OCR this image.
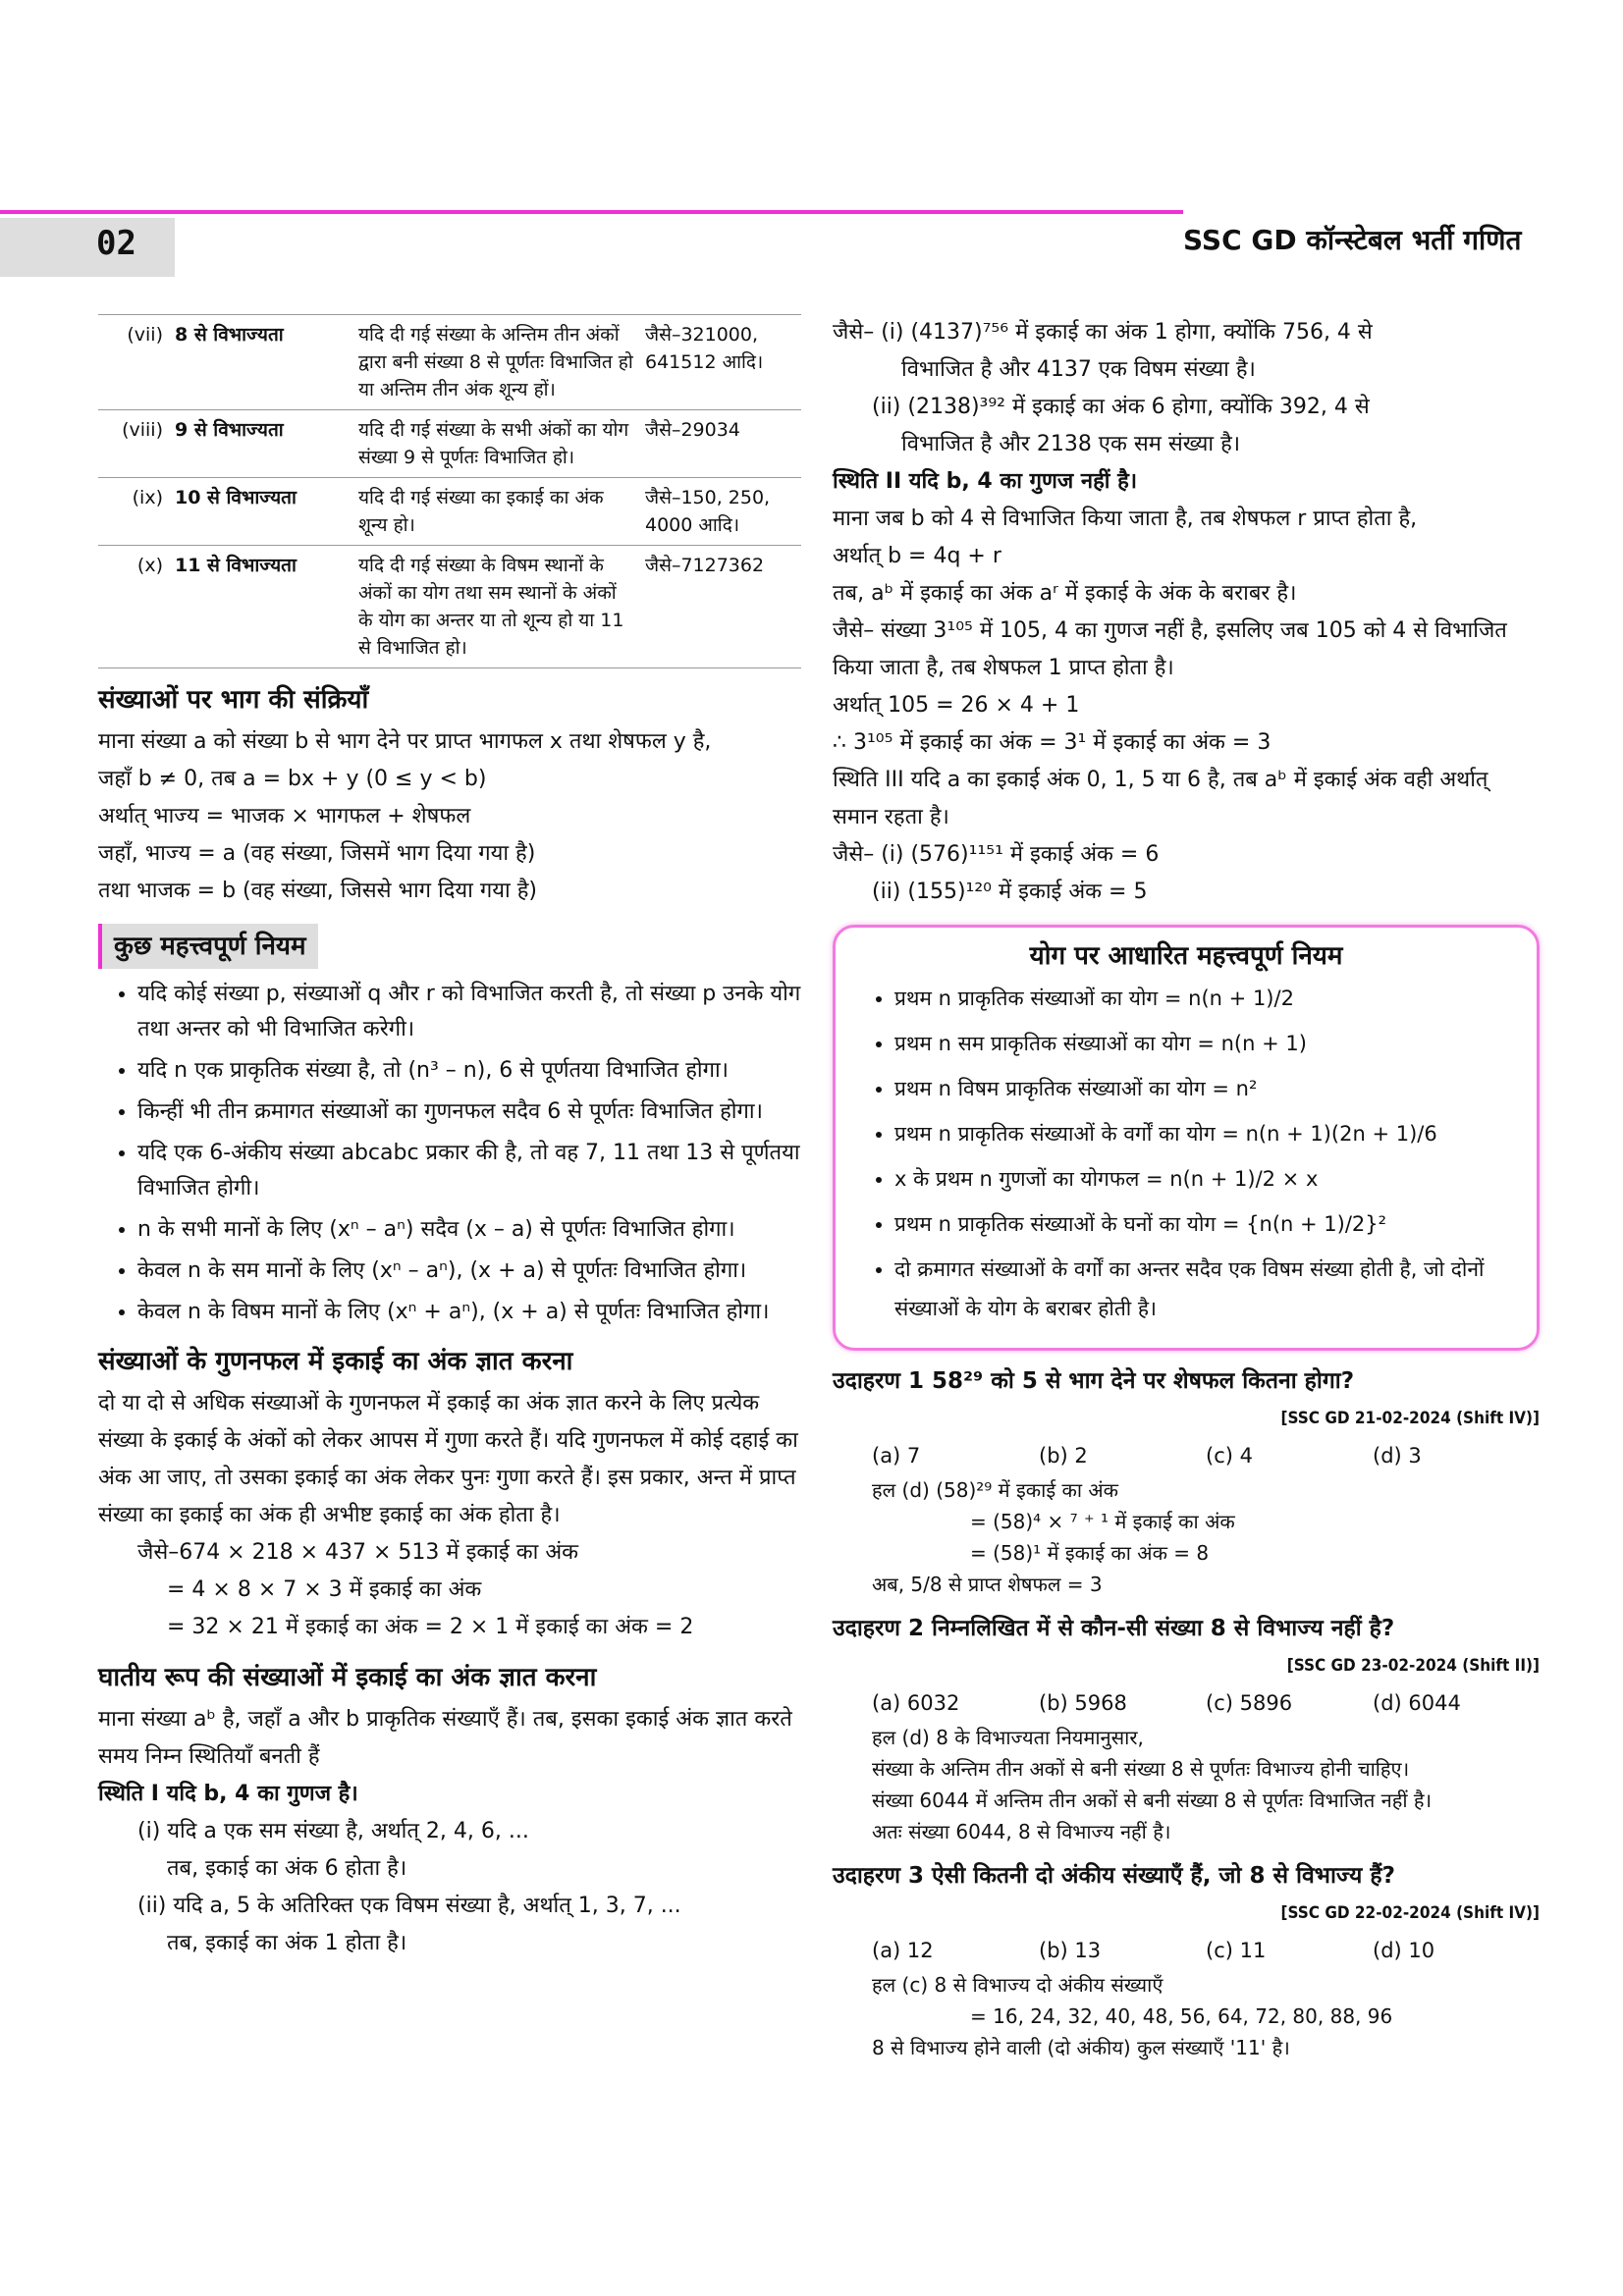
02	SSC GD कॉन्स्टेबल भर्ती गणित
(vii)	8 से विभाज्यता	यदि दी गई संख्या के अन्तिम तीन अंकों द्वारा बनी संख्या 8 से पूर्णतः विभाजित हो या अन्तिम तीन अंक शून्य हों।	जैसे–321000, 641512 आदि।
(viii)	9 से विभाज्यता	यदि दी गई संख्या के सभी अंकों का योग संख्या 9 से पूर्णतः विभाजित हो।	जैसे–29034
(ix)	10 से विभाज्यता	यदि दी गई संख्या का इकाई का अंक शून्य हो।	जैसे–150, 250, 4000 आदि।
(x)	11 से विभाज्यता	यदि दी गई संख्या के विषम स्थानों के अंकों का योग तथा सम स्थानों के अंकों के योग का अन्तर या तो शून्य हो या 11 से विभाजित हो।	जैसे–7127362
संख्याओं पर भाग की संक्रियाँ
माना संख्या a को संख्या b से भाग देने पर प्राप्त भागफल x तथा शेषफल y है,
जहाँ b ≠ 0, तब a = bx + y (0 ≤ y < b)
अर्थात् भाज्य = भाजक × भागफल + शेषफल
जहाँ, भाज्य = a (वह संख्या, जिसमें भाग दिया गया है)
तथा भाजक = b (वह संख्या, जिससे भाग दिया गया है)
कुछ महत्त्वपूर्ण नियम
• यदि कोई संख्या p, संख्याओं q और r को विभाजित करती है, तो संख्या p उनके योग तथा अन्तर को भी विभाजित करेगी।
• यदि n एक प्राकृतिक संख्या है, तो (n³ – n), 6 से पूर्णतया विभाजित होगा।
• किन्हीं भी तीन क्रमागत संख्याओं का गुणनफल सदैव 6 से पूर्णतः विभाजित होगा।
• यदि एक 6-अंकीय संख्या abcabc प्रकार की है, तो वह 7, 11 तथा 13 से पूर्णतया विभाजित होगी।
• n के सभी मानों के लिए (xⁿ – aⁿ) सदैव (x – a) से पूर्णतः विभाजित होगा।
• केवल n के सम मानों के लिए (xⁿ – aⁿ), (x + a) से पूर्णतः विभाजित होगा।
• केवल n के विषम मानों के लिए (xⁿ + aⁿ), (x + a) से पूर्णतः विभाजित होगा।
संख्याओं के गुणनफल में इकाई का अंक ज्ञात करना
दो या दो से अधिक संख्याओं के गुणनफल में इकाई का अंक ज्ञात करने के लिए प्रत्येक संख्या के इकाई के अंकों को लेकर आपस में गुणा करते हैं। यदि गुणनफल में कोई दहाई का अंक आ जाए, तो उसका इकाई का अंक लेकर पुनः गुणा करते हैं। इस प्रकार, अन्त में प्राप्त संख्या का इकाई का अंक ही अभीष्ट इकाई का अंक होता है।
जैसे–674 × 218 × 437 × 513 में इकाई का अंक
= 4 × 8 × 7 × 3 में इकाई का अंक
= 32 × 21 में इकाई का अंक = 2 × 1 में इकाई का अंक = 2
घातीय रूप की संख्याओं में इकाई का अंक ज्ञात करना
माना संख्या aᵇ है, जहाँ a और b प्राकृतिक संख्याएँ हैं। तब, इसका इकाई अंक ज्ञात करते समय निम्न स्थितियाँ बनती हैं
स्थिति I यदि b, 4 का गुणज है।
(i) यदि a एक सम संख्या है, अर्थात् 2, 4, 6, ...
तब, इकाई का अंक 6 होता है।
(ii) यदि a, 5 के अतिरिक्त एक विषम संख्या है, अर्थात् 1, 3, 7, ...
तब, इकाई का अंक 1 होता है।
जैसे– (i) (4137)⁷⁵⁶ में इकाई का अंक 1 होगा, क्योंकि 756, 4 से
विभाजित है और 4137 एक विषम संख्या है।
(ii) (2138)³⁹² में इकाई का अंक 6 होगा, क्योंकि 392, 4 से
विभाजित है और 2138 एक सम संख्या है।
स्थिति II यदि b, 4 का गुणज नहीं है।
माना जब b को 4 से विभाजित किया जाता है, तब शेषफल r प्राप्त होता है,
अर्थात् b = 4q + r
तब, aᵇ में इकाई का अंक aʳ में इकाई के अंक के बराबर है।
जैसे– संख्या 3¹⁰⁵ में 105, 4 का गुणज नहीं है, इसलिए जब 105 को 4 से विभाजित किया जाता है, तब शेषफल 1 प्राप्त होता है।
अर्थात् 105 = 26 × 4 + 1
∴ 3¹⁰⁵ में इकाई का अंक = 3¹ में इकाई का अंक = 3
स्थिति III यदि a का इकाई अंक 0, 1, 5 या 6 है, तब aᵇ में इकाई अंक वही अर्थात् समान रहता है।
जैसे– (i) (576)¹¹⁵¹ में इकाई अंक = 6
(ii) (155)¹²⁰ में इकाई अंक = 5
योग पर आधारित महत्त्वपूर्ण नियम
• प्रथम n प्राकृतिक संख्याओं का योग = n(n + 1)/2
• प्रथम n सम प्राकृतिक संख्याओं का योग = n(n + 1)
• प्रथम n विषम प्राकृतिक संख्याओं का योग = n²
• प्रथम n प्राकृतिक संख्याओं के वर्गों का योग = n(n + 1)(2n + 1)/6
• x के प्रथम n गुणजों का योगफल = n(n + 1)/2 × x
• प्रथम n प्राकृतिक संख्याओं के घनों का योग = {n(n + 1)/2}²
• दो क्रमागत संख्याओं के वर्गों का अन्तर सदैव एक विषम संख्या होती है, जो दोनों संख्याओं के योग के बराबर होती है।
उदाहरण 1 58²⁹ को 5 से भाग देने पर शेषफल कितना होगा?
[SSC GD 21-02-2024 (Shift IV)]
(a) 7	(b) 2	(c) 4	(d) 3
हल (d) (58)²⁹ में इकाई का अंक
= (58)⁴ × ⁷ ⁺ ¹ में इकाई का अंक
= (58)¹ में इकाई का अंक = 8
अब, 5/8 से प्राप्त शेषफल = 3
उदाहरण 2 निम्नलिखित में से कौन-सी संख्या 8 से विभाज्य नहीं है?
[SSC GD 23-02-2024 (Shift II)]
(a) 6032	(b) 5968	(c) 5896	(d) 6044
हल (d) 8 के विभाज्यता नियमानुसार,
संख्या के अन्तिम तीन अकों से बनी संख्या 8 से पूर्णतः विभाज्य होनी चाहिए।
संख्या 6044 में अन्तिम तीन अकों से बनी संख्या 8 से पूर्णतः विभाजित नहीं है।
अतः संख्या 6044, 8 से विभाज्य नहीं है।
उदाहरण 3 ऐसी कितनी दो अंकीय संख्याएँ हैं, जो 8 से विभाज्य हैं?
[SSC GD 22-02-2024 (Shift IV)]
(a) 12	(b) 13	(c) 11	(d) 10
हल (c) 8 से विभाज्य दो अंकीय संख्याएँ
= 16, 24, 32, 40, 48, 56, 64, 72, 80, 88, 96
8 से विभाज्य होने वाली (दो अंकीय) कुल संख्याएँ '11' है।
